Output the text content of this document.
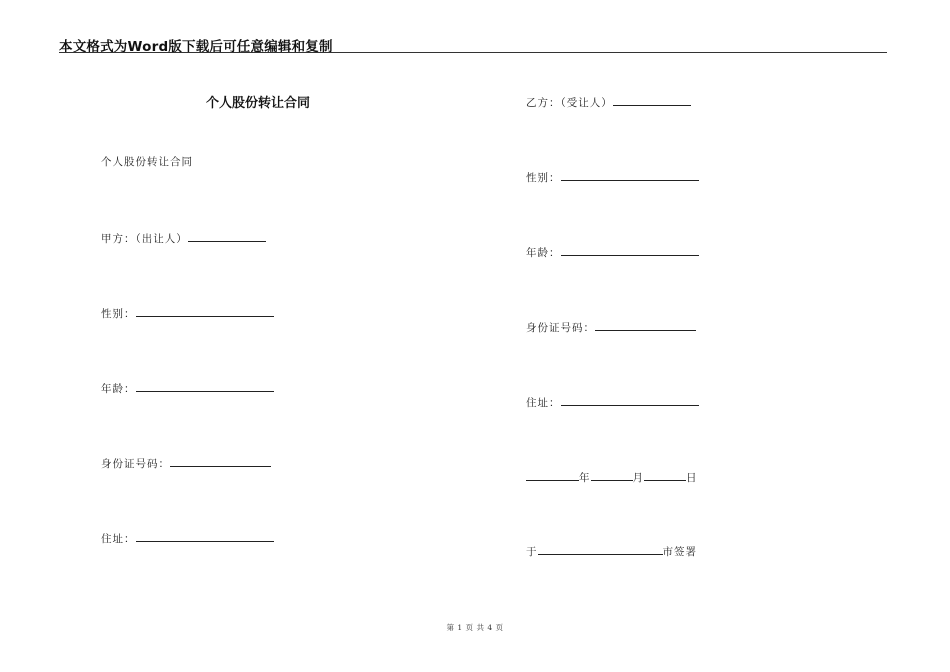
本文格式为Word版下载后可任意编辑和复制
个人股份转让合同
个人股份转让合同
甲方：（出让人）
性别：
年龄：
身份证号码：
住址：
乙方：（受让人）
性别：
年龄：
身份证号码：
住址：
年	月	日
于	市签署
第 1 页 共 4 页
